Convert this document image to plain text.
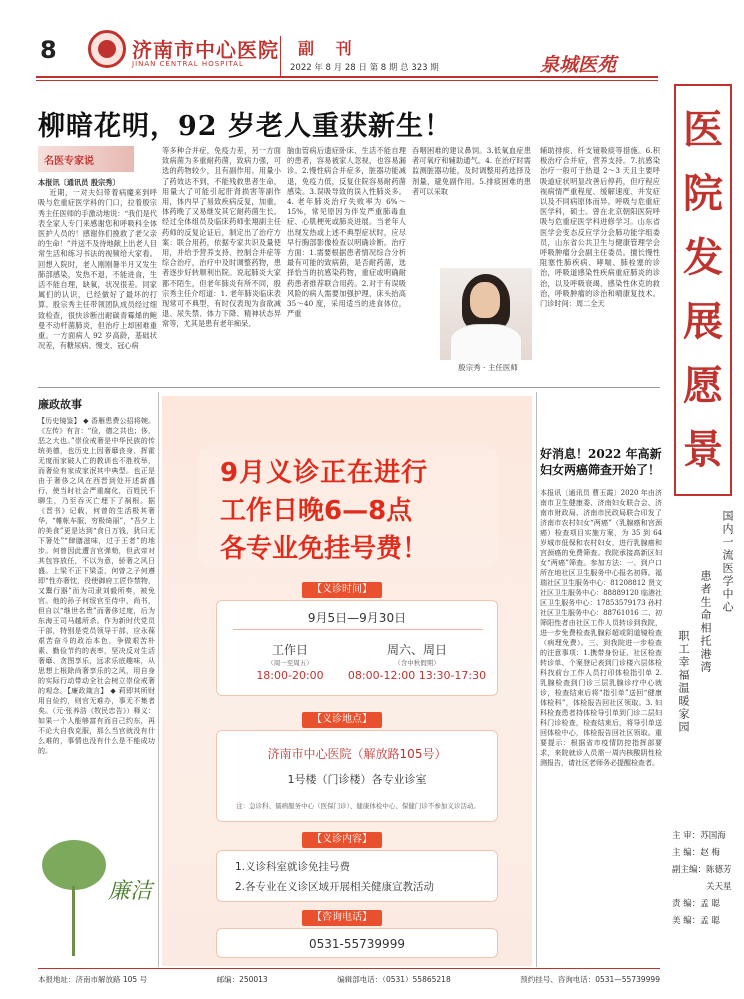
8	济南市中心医院
JINAN CENTRAL HOSPITAL
副 刊
2022 年 8 月 28 日 第 8 期 总 323 期	泉城医苑
柳暗花明，92 岁老人重获新生！
名医专家说

本报讯〔通讯员 殷宗秀〕

近期，一对夫妇带着病魔来到呼吸与危重症医学科的门口，拉着殷宗秀主任医师的手激动地说：“我们是代表全家人专门来感谢您和呼吸科全体医护人员的！感谢你们挽救了老父亲的生命！”并送不及待地献上出老人目常生活和练习书法的视频给大家看。回想入院时，老人刚刚暑半月又发生肺部感染，发热不退，不能进食，生活不能自理，缺氧，状况很差。同家属们的认识，已经做好了最坏的打算。殷宗秀主任带领团队成员经过细致检查，很快诊断出耐碳青霉烯的鲍曼不动杆菌肺炎，但治疗上却困难重重。一方面病人 92 岁高龄，基础状况差，有糖尿病、慢支、冠心病

等多种合并症，免疫力差，另一方面致病菌为多重耐药菌，致病力强，可选的药物较少，且有副作用。用量小了药效达不到，不能残救患者生命，用量大了可能引起肝肾损害等副作用，体内早了易致疾病反复，加重，体药晚了又易继发其它耐药菌生长。经过全体组员及临床药师张翔副主任药师的反复论证后，制定出了治疗方案：联合用药，依据专家共识及量使用，并给予营养支持、控制合并症等综合治疗，治疗中及时调整药物，患者逐步好转顺利出院。说起肺炎大家都不陌生，但老年肺炎有所不同，殷宗秀主任介绍道：1. 老年肺炎临床表现常可不典型，有时仅表现为食欲减退、尿失禁、体力下降、精神状态异常等，尤其是患有老年痴呆、

脑血管病后遗症卧床、生活不能自理的患者，容易被家人忽视，也容易漏诊。2.慢性病合并症多，脏器功能减退，免疫力低，反复住院容易耐药菌感染。3.误吸导致的误入性肺炎多。4. 老年肺炎治疗失败率为 6%～15%，常见原因为伴发严重肺毒血症、心肌梗死或肺炎进展。当老年人出现发热或上述不典型症状时，应尽早行胸部影像检查以明确诊断。治疗方面：1.需要根据患者情况综合分析最有可能的致病菌，是否耐药菌，选择恰当的抗感染药物，重症或明确耐药患者推荐联合用药。2.对于有误吸风险的病人需要加强护理，床头抬高 35～40 度，采用适当的进食体位，严重

吞咽困难的建议鼻饲。3.低氧血症患者可氧疗和辅助通气。4. 在治疗时需监测脏器功能，及时调整用药选择及剂量，避免副作用。5.排痰困难的患者可以采取

殷宗秀 · 主任医师

辅助排痰、纤支镜吸痰等措施。6.积极治疗合并症，营养支持。7.抗感染治疗一般可于热退 2～3 天且主要呼吸道症状明显改善后停药，但疗程应视病情严重程度、缓解速度、并发症以及不同病原体而异。呼吸与危重症医学科，硕士。曾在北京朝阳医院呼吸与危重症医学科进修学习。山东省医学会变态反应学分会肺功能学组委员，山东省公共卫生与健康管理学会呼吸肿瘤分会副主任委员。擅长慢性阻塞性肺疾病、哮喘、肺栓塞的诊治，呼吸道感染性疾病重症肺炎的诊治，以及呼吸衰竭、感染性休克的救治，呼吸肿瘤的诊治和晴康复技术。门诊时间：周二全天

廉政故事
【历史镜鉴】 ◆ 香雁患费公招将婉。《左传》有言：“俭，德之共也；侈，恶之大也。”崇俭戒奢是中华民族的传统美德，也历史上因奢靡丧身、挥霍无度而家破人亡的教训也不胜枚举，而奢俭有家成家泯其中典型。也正是由于奢侈之风在西晋到处开述新盛行，使当时社会严重腐化，百姓民不聊生，乃至吞灭亡埋下了祸根。据《晋书》记载，何曾的生活极其奢华，“帷帐车服，穷极绮丽”，“吾夕上的美食”更是达到“食日万钱，犹曰无下箸处”“肆膳滋味，过于王者”的地步。何曾因此遭言官弹劾，但武帝对其包容放任，不以为意，骄奢之风日盛。上梁不正下梁歪，何曾之子何遵即“性亦奢忱，役使御府工匠作禁物，又鬻行器”而为司隶刘毅所奏，被免官。他的孙子何绥官至侍中，尚书，但自以“继世名贵”而奢侈过度，后为东海王司马越所杀。作为新时代党员干部，特别是党员领导干部，应永葆艰苦奋斗的政治本色，争做艰苦朴素、勤俭节约的表率，坚决反对生活奢靡、贪图享乐，远求乐底趣味，从思想上根除尚奢享乐的之风，用自身的实际行动带动全社会树立崇俭戒奢的观念。【廉政箴言】 ◆ 莉即其所财用自俭约，则官无难办，事无不集者矣。（元·张养浩《牧民忠告》）释义：如果一个人能够富有而自己约东，再不论大自我克服，那么当官就没有什么难的，事情也没有什么是不能成功的。
廉洁
9月义诊正在进行
工作日晚6—8点
各专业免挂号费！
【义诊时间】
9月5日—9月30日
工作日
（周一至周五）
18:00-20:00
周六、周日
（含中秋假期）
08:00-12:00 13:30-17:30
【义诊地点】
济南市中心医院（解放路105号）
1号楼（门诊楼）各专业诊室
注：急诊科、儒病服务中心（医保门诊）、健康体检中心、保健门诊不参加义诊活动。
【义诊内容】
1.义诊科室就诊免挂号费
2.各专业在义诊区域开展相关健康宣教活动
【咨询电话】
0531-55739999
好消息！2022 年高新妇女两癌筛查开始了！
本报讯〔通讯员 曹玉霞〕2020 年由济南市卫生健康委、济南妇女联合会、济南市财政局、济南市民政局联合印发了济南市农村妇女“两癌”（乳腺癌和宫颈癌）检查项目实施方案，为 35 到 64 岁城市低保和农村妇女，进行乳腺癌和宫颈癌的免费筛查。我院承接高新区妇女“两癌”筛查。参加方法：一、到户口所在地社区卫生服务中心报名初筛。福瑞社区卫生服务中心：81208812 贤文社区卫生服务中心：88889120 临港社区卫生服务中心：17853579173 孙村社区卫生服务中心：88761016 二、初筛阳性者由社区工作人员转诊到我院，进一步免费检查乳腺彩超或阴道镜检查（病理免费）。三、到我院进一步检查的注意事项：1.携带身份证、社区检查转诊单、个案登记表到门诊楼六层体检科找前台工作人员打印体检指引单 2. 乳腺检查到门诊三层乳腺诊疗中心就诊，检查结束后将“指引单”送回“健康体检科”，体检报告回社区领取。3. 妇科检查患者持体检导引单到门诊二层妇科门诊检查，检查结束后，将导引单送回体检中心，体检报告回社区领取。重要提示：根据省市疫情防控指挥部要求，来院就诊人员需一周内核酸阴性检测报告，请社区老师务必提醒检查者。
医
院
发
展
愿
景
国内一流医学中心
患者生命相托港湾
职工幸福温暖家园
主 审：苏国海
主 编：赵 梅
副主编：陈德芳
关天星
责 编：孟 聪
美 编：孟 聪
本报地址：济南市解放路 105 号	邮编：250013	编辑部电话：（0531）55865218	预约挂号、咨询电话：0531—55739999
